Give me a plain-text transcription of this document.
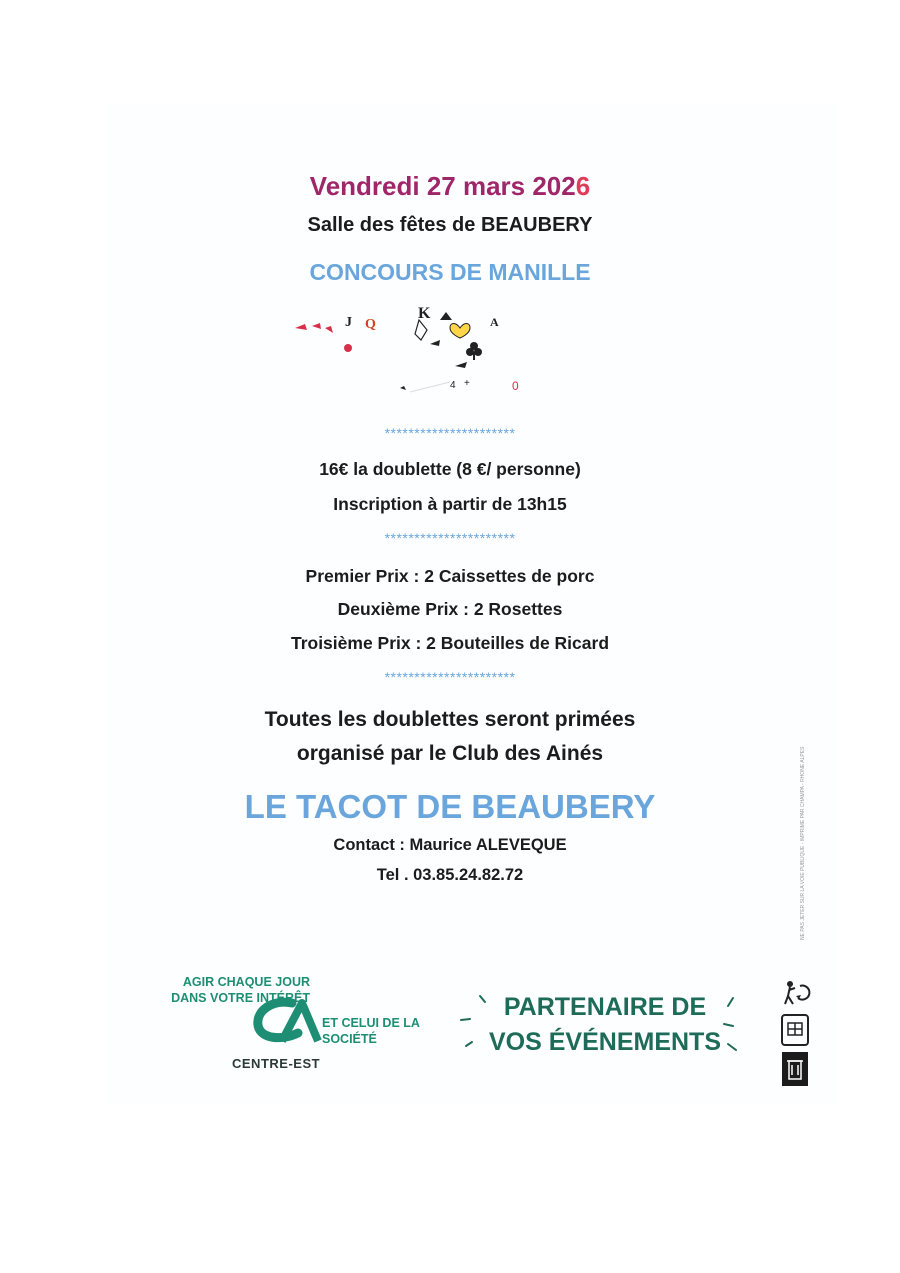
Vendredi 27 mars 2026
Salle des fêtes de BEAUBERY
CONCOURS DE MANILLE
J Q
K	A
4 +	0
**********************
16€ la doublette (8 €/ personne)
Inscription à partir de 13h15
**********************
Premier Prix : 2 Caissettes de porc
Deuxième Prix : 2 Rosettes
Troisième Prix : 2 Bouteilles de Ricard
**********************
Toutes les doublettes seront primées
organisé par le Club des Ainés
LE TACOT DE BEAUBERY
Contact : Maurice ALEVEQUE
Tel . 03.85.24.82.72	NE PAS JETER SUR LA VOIE PUBLIQUE - IMPRIMÉ PAR CHAMPA - RHÔNE ALPES
AGIR CHAQUE JOUR DANS VOTRE INTÉRÊT
ET CELUI DE LA SOCIÉTÉ
CENTRE-EST
PARTENAIRE DE
VOS ÉVÉNEMENTS
